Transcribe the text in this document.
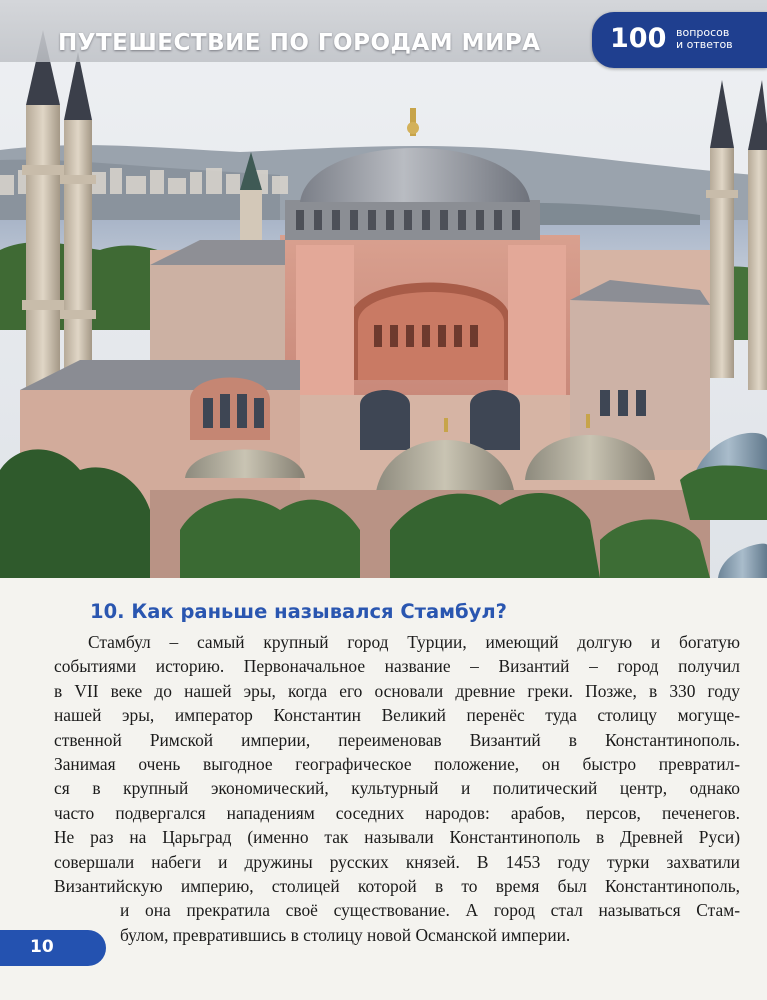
ПУТЕШЕСТВИЕ ПО ГОРОДАМ МИРА	100 вопросов
и ответов
10. Как раньше назывался Стамбул?
Стамбул – самый крупный город Турции, имеющий долгую и богатую
событиями историю. Первоначальное название – Византий – город получил
в VII веке до нашей эры, когда его основали древние греки. Позже, в 330 году
нашей эры, император Константин Великий перенёс туда столицу могуще-
ственной Римской империи, переименовав Византий в Константинополь.
Занимая очень выгодное географическое положение, он быстро превратил-
ся в крупный экономический, культурный и политический центр, однако
часто подвергался нападениям соседних народов: арабов, персов, печенегов.
Не раз на Царьград (именно так называли Константинополь в Древней Руси)
совершали набеги и дружины русских князей. В 1453 году турки захватили
Византийскую империю, столицей которой в то время был Константинополь,
и она прекратила своё существование. А город стал называться Стам-
булом, превратившись в столицу новой Османской империи.
10
